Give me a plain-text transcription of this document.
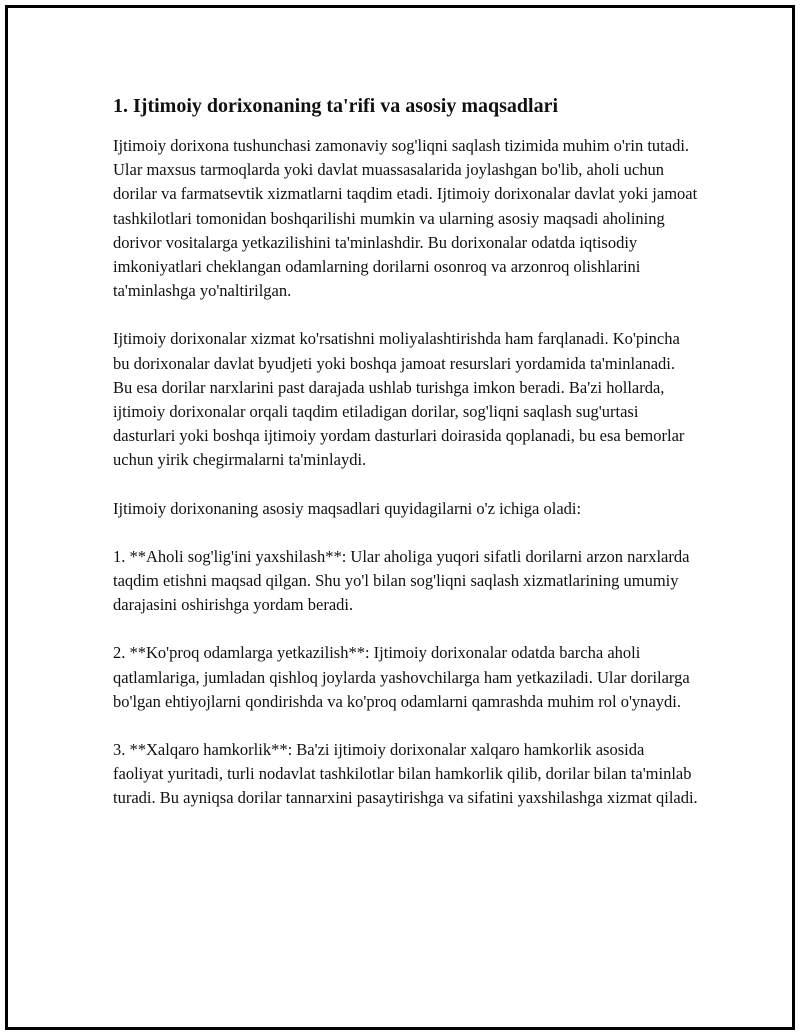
1. Ijtimoiy dorixonaning ta'rifi va asosiy maqsadlari

Ijtimoiy dorixona tushunchasi zamonaviy sog'liqni saqlash tizimida muhim o'rin tutadi. Ular maxsus tarmoqlarda yoki davlat muassasalarida joylashgan bo'lib, aholi uchun dorilar va farmatsevtik xizmatlarni taqdim etadi. Ijtimoiy dorixonalar davlat yoki jamoat tashkilotlari tomonidan boshqarilishi mumkin va ularning asosiy maqsadi aholining dorivor vositalarga yetkazilishini ta'minlashdir. Bu dorixonalar odatda iqtisodiy imkoniyatlari cheklangan odamlarning dorilarni osonroq va arzonroq olishlarini ta'minlashga yo'naltirilgan.

Ijtimoiy dorixonalar xizmat ko'rsatishni moliyalashtirishda ham farqlanadi. Ko'pincha bu dorixonalar davlat byudjeti yoki boshqa jamoat resurslari yordamida ta'minlanadi. Bu esa dorilar narxlarini past darajada ushlab turishga imkon beradi. Ba'zi hollarda, ijtimoiy dorixonalar orqali taqdim etiladigan dorilar, sog'liqni saqlash sug'urtasi dasturlari yoki boshqa ijtimoiy yordam dasturlari doirasida qoplanadi, bu esa bemorlar uchun yirik chegirmalarni ta'minlaydi.

Ijtimoiy dorixonaning asosiy maqsadlari quyidagilarni o'z ichiga oladi:

1. **Aholi sog'lig'ini yaxshilash**: Ular aholiga yuqori sifatli dorilarni arzon narxlarda taqdim etishni maqsad qilgan. Shu yo'l bilan sog'liqni saqlash xizmatlarining umumiy darajasini oshirishga yordam beradi.

2. **Ko'proq odamlarga yetkazilish**: Ijtimoiy dorixonalar odatda barcha aholi qatlamlariga, jumladan qishloq joylarda yashovchilarga ham yetkaziladi. Ular dorilarga bo'lgan ehtiyojlarni qondirishda va ko'proq odamlarni qamrashda muhim rol o'ynaydi.

3. **Xalqaro hamkorlik**: Ba'zi ijtimoiy dorixonalar xalqaro hamkorlik asosida faoliyat yuritadi, turli nodavlat tashkilotlar bilan hamkorlik qilib, dorilar bilan ta'minlab turadi. Bu ayniqsa dorilar tannarxini pasaytirishga va sifatini yaxshilashga xizmat qiladi.
